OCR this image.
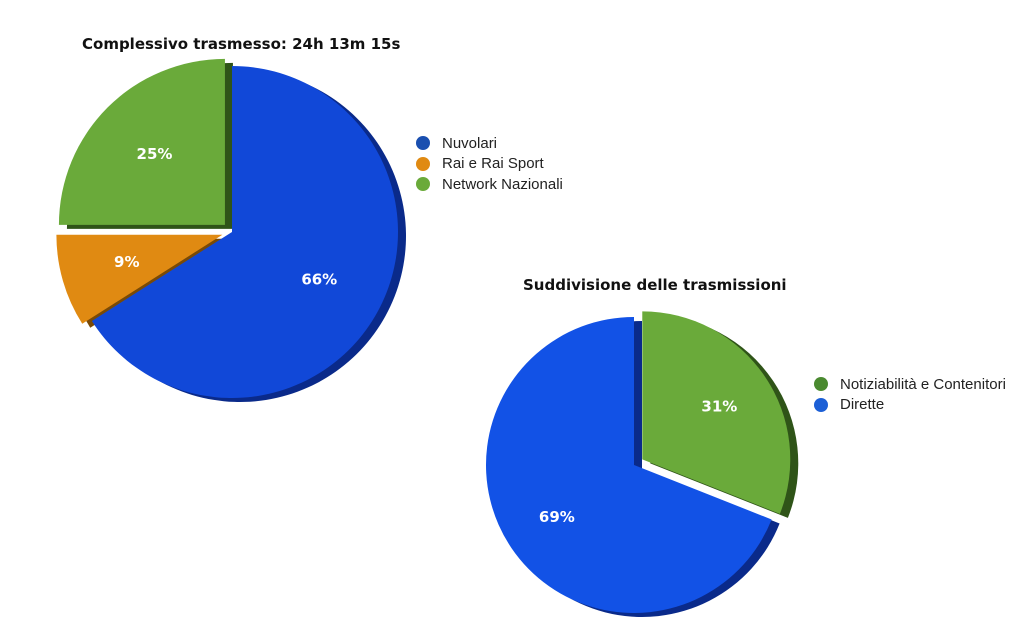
Complessivo trasmesso: 24h 13m 15s
66%
9%
25%
Nuvolari
Rai e Rai Sport
Network Nazionali
Suddivisione delle trasmissioni
31%
69%
Notiziabilità e Contenitori
Dirette
